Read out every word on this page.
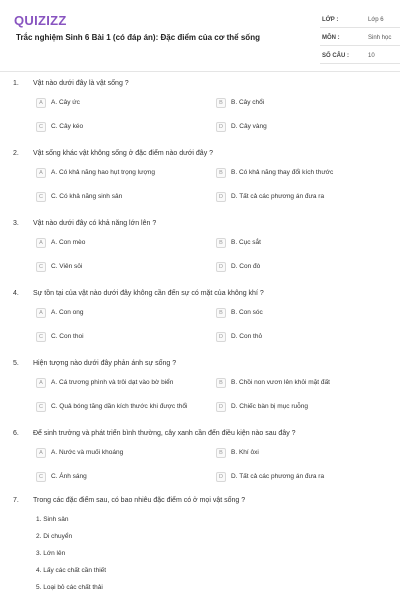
QUIZIZZ
Trắc nghiệm Sinh 6 Bài 1 (có đáp án): Đặc điểm của cơ thể sống
LỚP :	Lớp 6
MÔN :	Sinh học
SỐ CÂU :	10
1. Vật nào dưới đây là vật sống ?
A	A. Cây ức	B	B. Cây chổi
C	C. Cây kéo	D	D. Cây vàng
2. Vật sống khác vật không sống ở đặc điểm nào dưới đây ?
A	A. Có khả năng hao hụt trọng lượng	B	B. Có khả năng thay đổi kích thước
C	C. Có khả năng sinh sản	D	D. Tất cả các phương án đưa ra
3. Vật nào dưới đây có khả năng lớn lên ?
A	A. Con mèo	B	B. Cục sắt
C	C. Viên sỏi	D	D. Con đò
4. Sự tồn tại của vật nào dưới đây không cần đến sự có mặt của không khí ?
A	A. Con ong	B	B. Con sóc
C	C. Con thoi	D	D. Con thỏ
5. Hiện tượng nào dưới đây phản ánh sự sống ?
A	A. Cá trương phình và trôi dạt vào bờ biển	B	B. Chồi non vươn lên khỏi mặt đất
C	C. Quả bóng tăng dần kích thước khi được thổi	D	D. Chiếc bàn bị mục ruỗng
6. Để sinh trưởng và phát triển bình thường, cây xanh cần đến điều kiện nào sau đây ?
A	A. Nước và muối khoáng	B	B. Khí ôxi
C	C. Ánh sáng	D	D. Tất cả các phương án đưa ra
7. Trong các đặc điểm sau, có bao nhiêu đặc điểm có ở mọi vật sống ?
1. Sinh sản
2. Di chuyển
3. Lớn lên
4. Lấy các chất cần thiết
5. Loại bỏ các chất thải
